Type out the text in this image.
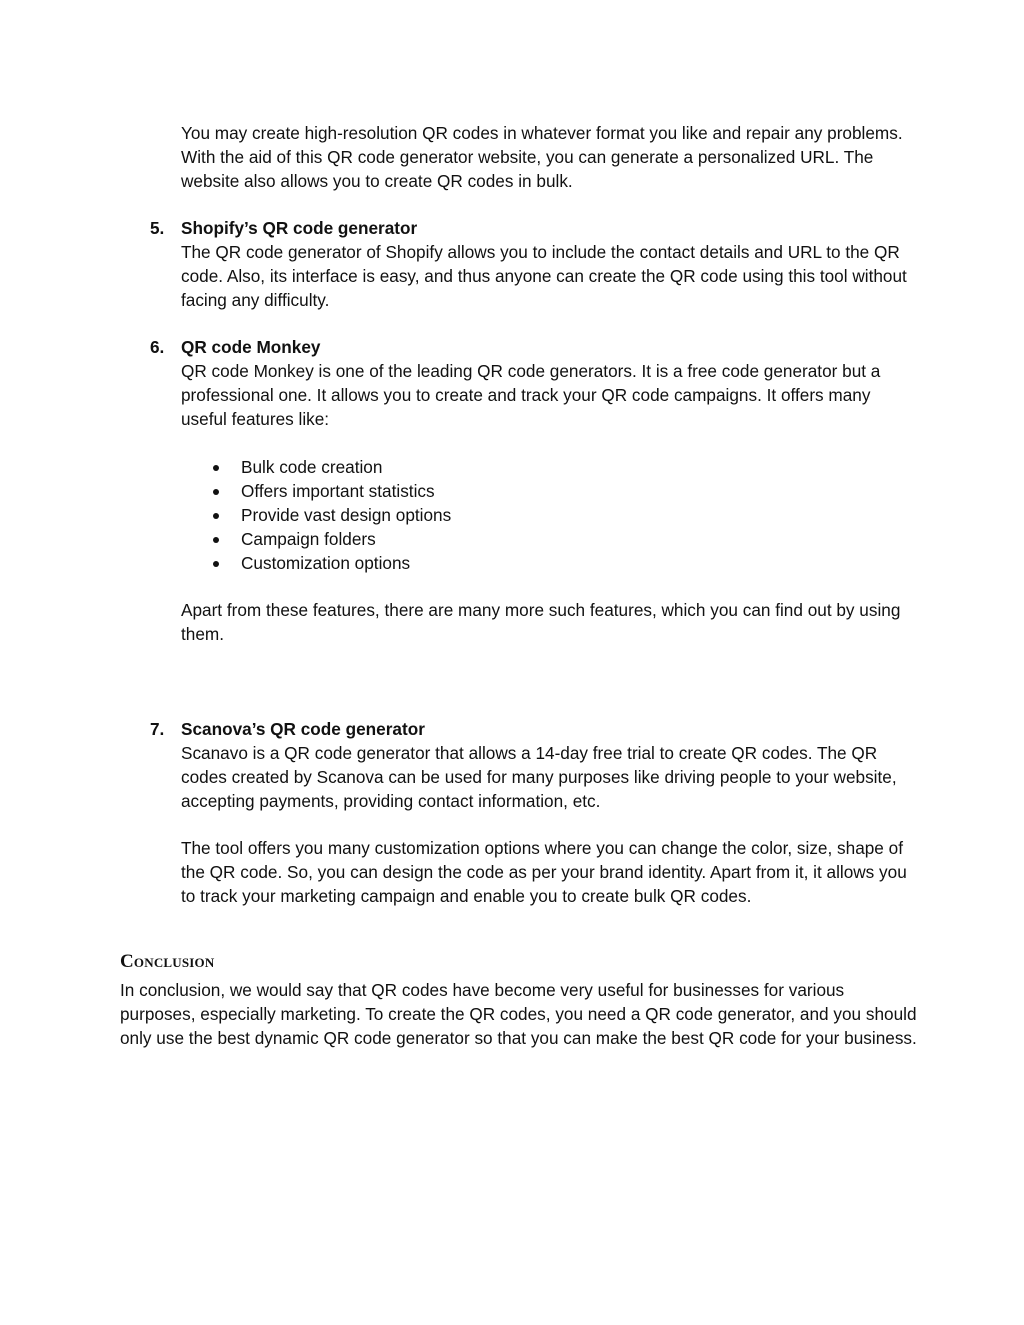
You may create high-resolution QR codes in whatever format you like and repair any problems. With the aid of this QR code generator website, you can generate a personalized URL. The website also allows you to create QR codes in bulk.

5. Shopify’s QR code generator

The QR code generator of Shopify allows you to include the contact details and URL to the QR code. Also, its interface is easy, and thus anyone can create the QR code using this tool without facing any difficulty.

6. QR code Monkey

QR code Monkey is one of the leading QR code generators. It is a free code generator but a professional one. It allows you to create and track your QR code campaigns. It offers many useful features like:

Bulk code creation
Offers important statistics
Provide vast design options
Campaign folders
Customization options

Apart from these features, there are many more such features, which you can find out by using them.

7. Scanova’s QR code generator

Scanavo is a QR code generator that allows a 14-day free trial to create QR codes. The QR codes created by Scanova can be used for many purposes like driving people to your website, accepting payments, providing contact information, etc.

The tool offers you many customization options where you can change the color, size, shape of the QR code. So, you can design the code as per your brand identity. Apart from it, it allows you to track your marketing campaign and enable you to create bulk QR codes.

Conclusion

In conclusion, we would say that QR codes have become very useful for businesses for various purposes, especially marketing. To create the QR codes, you need a QR code generator, and you should only use the best dynamic QR code generator so that you can make the best QR code for your business.
